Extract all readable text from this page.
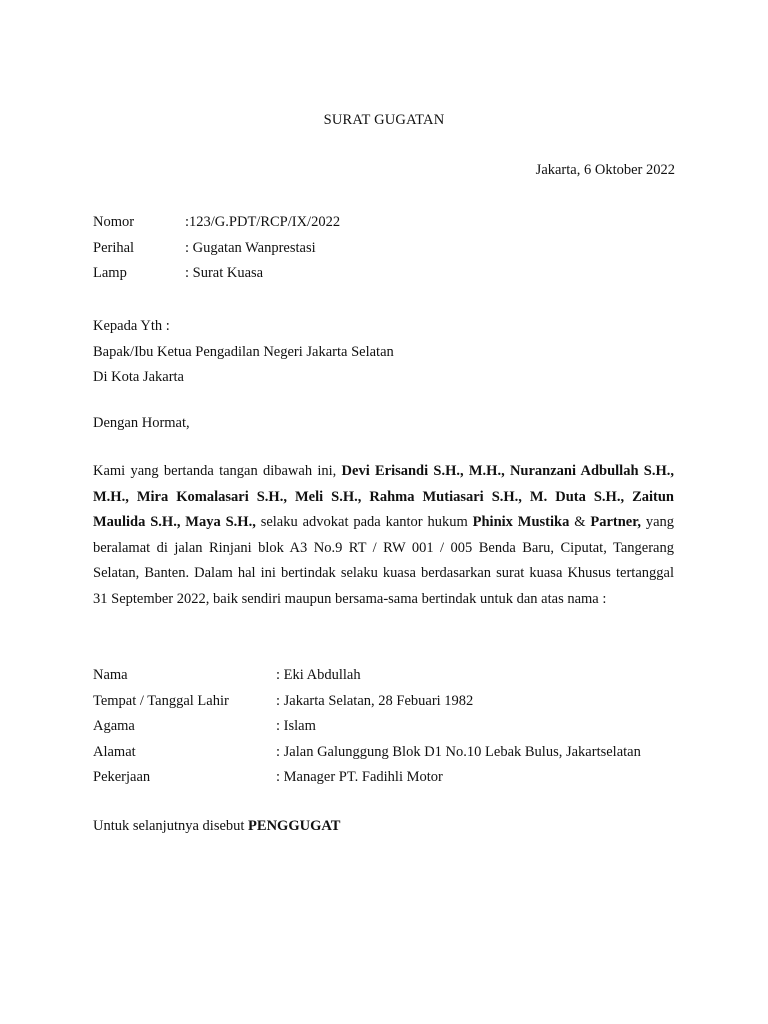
SURAT GUGATAN
Jakarta, 6 Oktober 2022
Nomor	:123/G.PDT/RCP/IX/2022
Perihal	: Gugatan Wanprestasi
Lamp	: Surat Kuasa
Kepada Yth :
Bapak/Ibu Ketua Pengadilan Negeri Jakarta Selatan
Di Kota Jakarta
Dengan Hormat,
Kami yang bertanda tangan dibawah ini, Devi Erisandi S.H., M.H., Nuranzani Adbullah S.H., M.H., Mira Komalasari S.H., Meli S.H., Rahma Mutiasari S.H., M. Duta S.H., Zaitun Maulida S.H., Maya S.H., selaku advokat pada kantor hukum Phinix Mustika & Partner, yang beralamat di jalan Rinjani blok A3 No.9 RT / RW 001 / 005 Benda Baru, Ciputat, Tangerang Selatan, Banten. Dalam hal ini bertindak selaku kuasa berdasarkan surat kuasa Khusus tertanggal 31 September 2022, baik sendiri maupun bersama-sama bertindak untuk dan atas nama :
Nama	: Eki Abdullah
Tempat / Tanggal Lahir	: Jakarta Selatan, 28 Febuari 1982
Agama	: Islam
Alamat	: Jalan Galunggung Blok D1 No.10 Lebak Bulus, Jakartselatan
Pekerjaan	: Manager PT. Fadihli Motor
Untuk selanjutnya disebut PENGGUGAT
